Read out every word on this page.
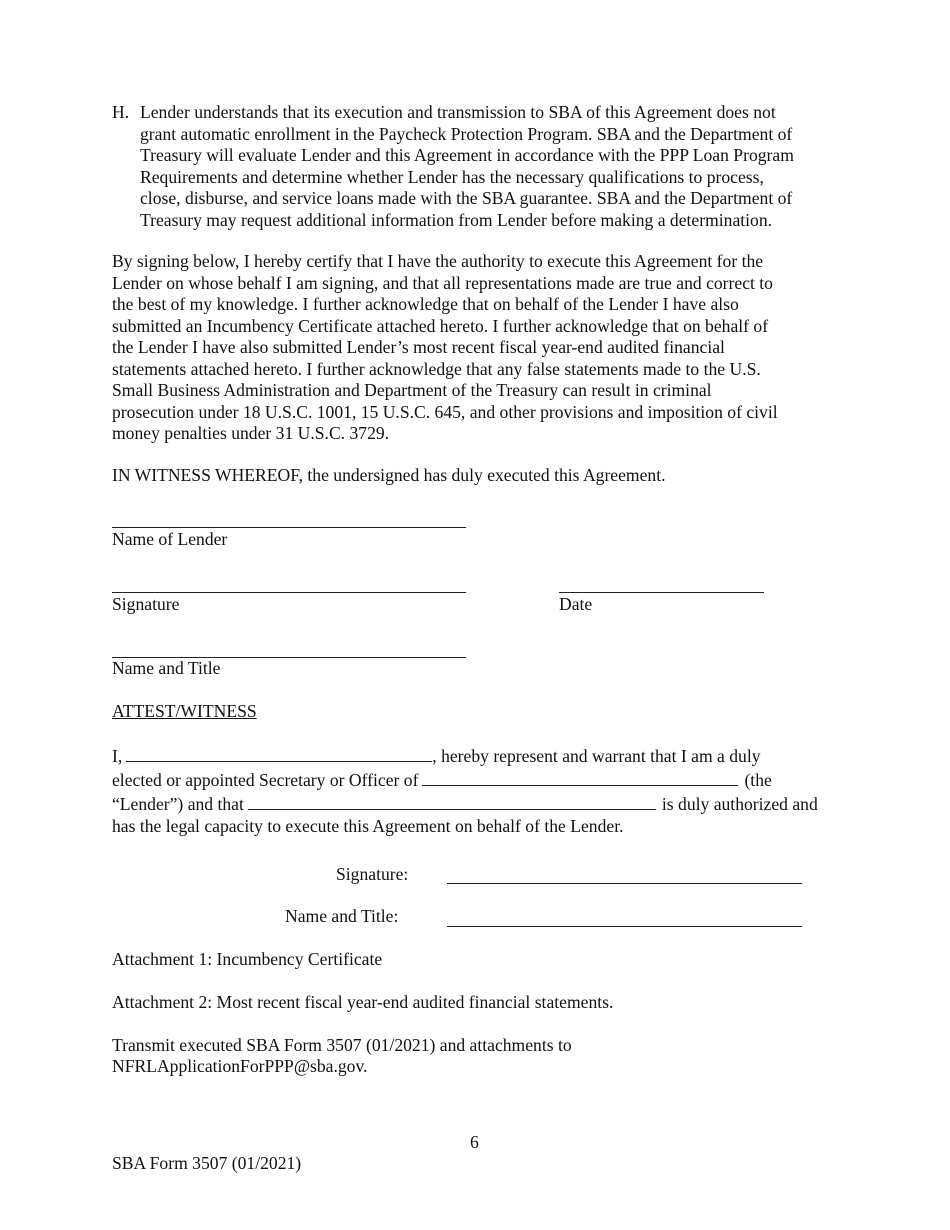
H. Lender understands that its execution and transmission to SBA of this Agreement does not
grant automatic enrollment in the Paycheck Protection Program. SBA and the Department of
Treasury will evaluate Lender and this Agreement in accordance with the PPP Loan Program
Requirements and determine whether Lender has the necessary qualifications to process,
close, disburse, and service loans made with the SBA guarantee. SBA and the Department of
Treasury may request additional information from Lender before making a determination.
By signing below, I hereby certify that I have the authority to execute this Agreement for the
Lender on whose behalf I am signing, and that all representations made are true and correct to
the best of my knowledge. I further acknowledge that on behalf of the Lender I have also
submitted an Incumbency Certificate attached hereto. I further acknowledge that on behalf of
the Lender I have also submitted Lender’s most recent fiscal year-end audited financial
statements attached hereto. I further acknowledge that any false statements made to the U.S.
Small Business Administration and Department of the Treasury can result in criminal
prosecution under 18 U.S.C. 1001, 15 U.S.C. 645, and other provisions and imposition of civil
money penalties under 31 U.S.C. 3729.
IN WITNESS WHEREOF, the undersigned has duly executed this Agreement.
Name of Lender
Signature	Date
Name and Title
ATTEST/WITNESS
I,	, hereby represent and warrant that I am a duly
elected or appointed Secretary or Officer of	(the
“Lender”) and that	is duly authorized and
has the legal capacity to execute this Agreement on behalf of the Lender.
Signature:
Name and Title:
Attachment 1: Incumbency Certificate
Attachment 2: Most recent fiscal year-end audited financial statements.
Transmit executed SBA Form 3507 (01/2021) and attachments to
NFRLApplicationForPPP@sba.gov.
6
SBA Form 3507 (01/2021)
